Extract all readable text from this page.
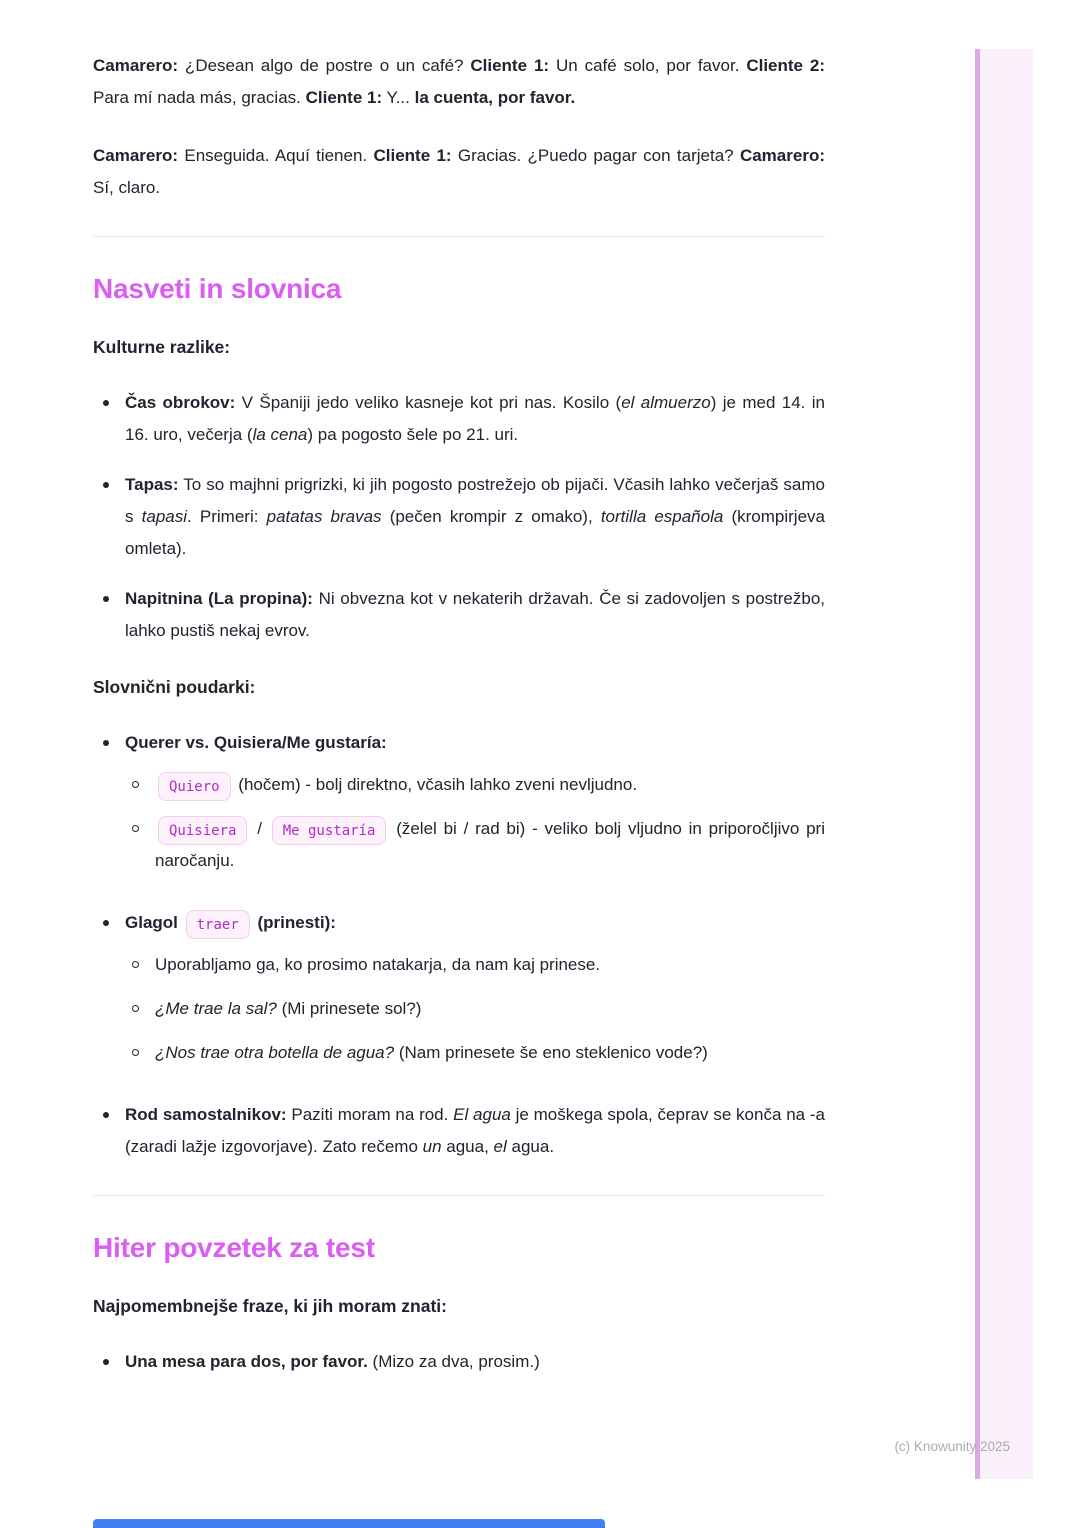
Camarero: ¿Desean algo de postre o un café? Cliente 1: Un café solo, por favor. Cliente 2: Para mí nada más, gracias. Cliente 1: Y... la cuenta, por favor.

Camarero: Enseguida. Aquí tienen. Cliente 1: Gracias. ¿Puedo pagar con tarjeta? Camarero: Sí, claro.

Nasveti in slovnica

Kulturne razlike:

Čas obrokov: V Španiji jedo veliko kasneje kot pri nas. Kosilo (el almuerzo) je med 14. in 16. uro, večerja (la cena) pa pogosto šele po 21. uri.
Tapas: To so majhni prigrizki, ki jih pogosto postrežejo ob pijači. Včasih lahko večerjaš samo s tapasi. Primeri: patatas bravas (pečen krompir z omako), tortilla española (krompirjeva omleta).
Napitnina (La propina): Ni obvezna kot v nekaterih državah. Če si zadovoljen s postrežbo, lahko pustiš nekaj evrov.

Slovnični poudarki:

Querer vs. Quisiera/Me gustaría:
Quiero (hočem) - bolj direktno, včasih lahko zveni nevljudno.
Quisiera / Me gustaría (želel bi / rad bi) - veliko bolj vljudno in priporočljivo pri naročanju.
Glagol traer (prinesti):
Uporabljamo ga, ko prosimo natakarja, da nam kaj prinese.
¿Me trae la sal? (Mi prinesete sol?)
¿Nos trae otra botella de agua? (Nam prinesete še eno steklenico vode?)
Rod samostalnikov: Paziti moram na rod. El agua je moškega spola, čeprav se konča na -a (zaradi lažje izgovorjave). Zato rečemo un agua, el agua.
Hiter povzetek za test

Najpomembnejše fraze, ki jih moram znati:

Una mesa para dos, por favor. (Mizo za dva, prosim.)
(c) Knowunity 2025
